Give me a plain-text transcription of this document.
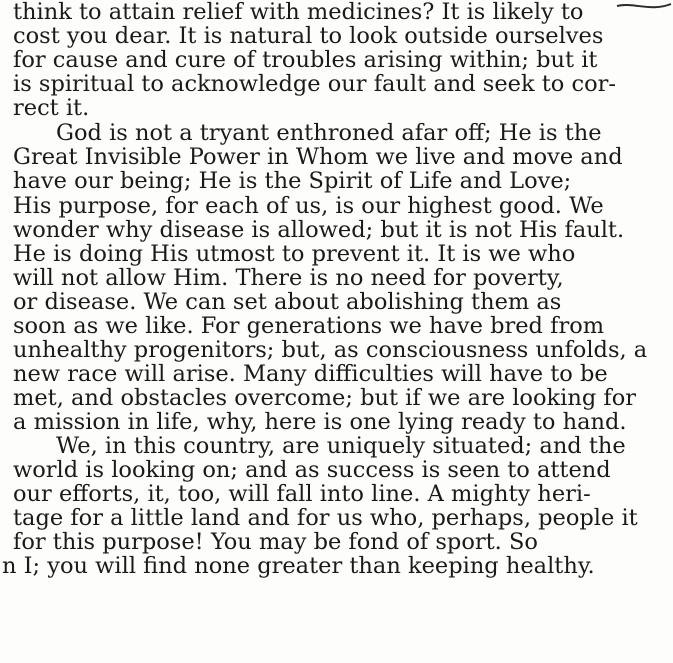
think to attain relief with medicines? It is likely to
cost you dear. It is natural to look outside ourselves
for cause and cure of troubles arising within; but it
is spiritual to acknowledge our fault and seek to cor-
rect it.
God is not a tryant enthroned afar off; He is the
Great Invisible Power in Whom we live and move and
have our being; He is the Spirit of Life and Love;
His purpose, for each of us, is our highest good. We
wonder why disease is allowed; but it is not His fault.
He is doing His utmost to prevent it. It is we who
will not allow Him. There is no need for poverty,
or disease. We can set about abolishing them as
soon as we like. For generations we have bred from
unhealthy progenitors; but, as consciousness unfolds, a
new race will arise. Many difficulties will have to be
met, and obstacles overcome; but if we are looking for
a mission in life, why, here is one lying ready to hand.
We, in this country, are uniquely situated; and the
world is looking on; and as success is seen to attend
our efforts, it, too, will fall into line. A mighty heri-
tage for a little land and for us who, perhaps, people it
for this purpose! You may be fond of sport. So
n I; you will find none greater than keeping healthy.
